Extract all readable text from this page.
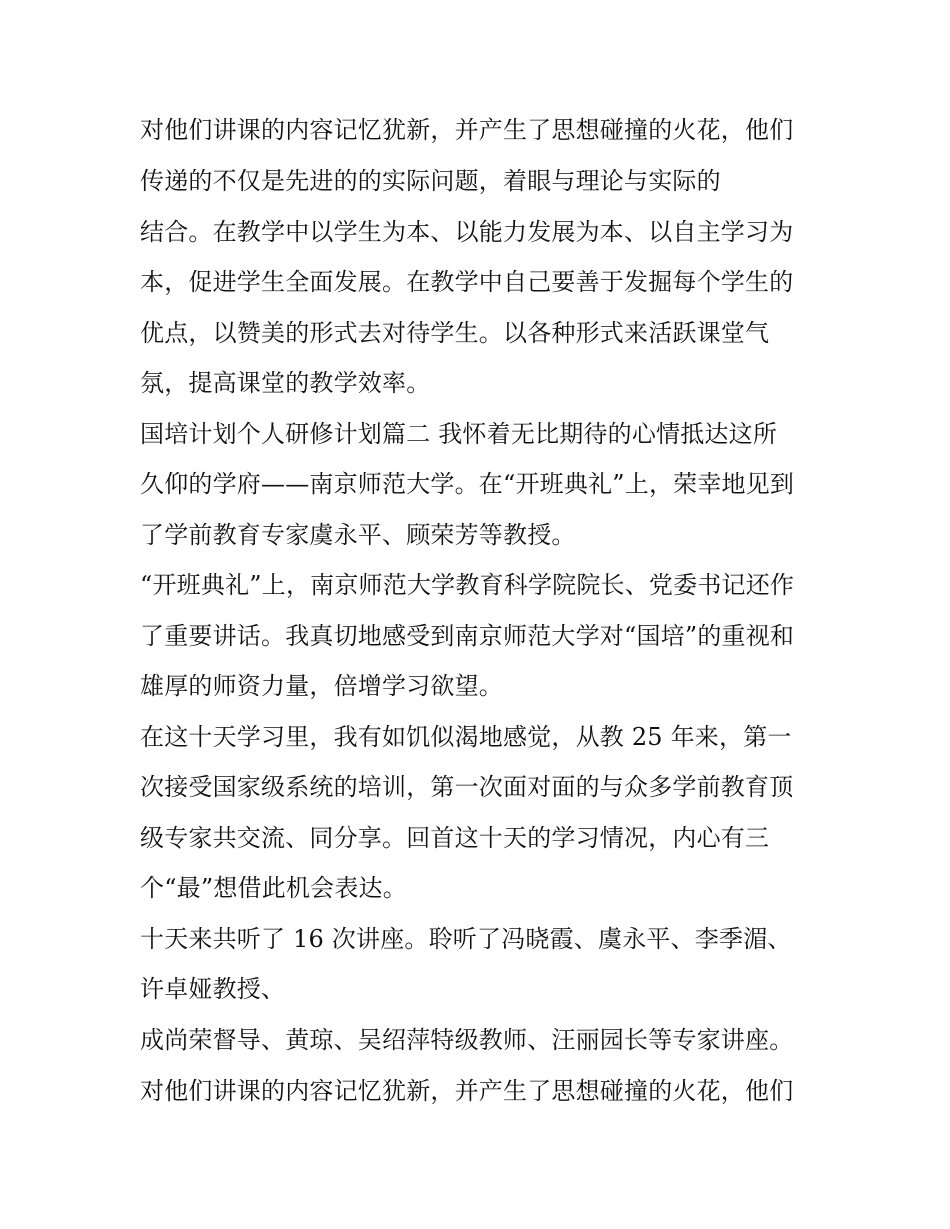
对他们讲课的内容记忆犹新，并产生了思想碰撞的火花，他们
传递的不仅是先进的的实际问题，着眼与理论与实际的
结合。在教学中以学生为本、以能力发展为本、以自主学习为
本，促进学生全面发展。在教学中自己要善于发掘每个学生的
优点，以赞美的形式去对待学生。以各种形式来活跃课堂气
氛，提高课堂的教学效率。
国培计划个人研修计划篇二 我怀着无比期待的心情抵达这所
久仰的学府——南京师范大学。在“开班典礼”上，荣幸地见到
了学前教育专家虞永平、顾荣芳等教授。
“开班典礼”上，南京师范大学教育科学院院长、党委书记还作
了重要讲话。我真切地感受到南京师范大学对“国培”的重视和
雄厚的师资力量，倍增学习欲望。
在这十天学习里，我有如饥似渴地感觉，从教 25 年来，第一
次接受国家级系统的培训，第一次面对面的与众多学前教育顶
级专家共交流、同分享。回首这十天的学习情况，内心有三
个“最”想借此机会表达。
十天来共听了 16 次讲座。聆听了冯晓霞、虞永平、李季湄、
许卓娅教授、
成尚荣督导、黄琼、吴绍萍特级教师、汪丽园长等专家讲座。
对他们讲课的内容记忆犹新，并产生了思想碰撞的火花，他们
